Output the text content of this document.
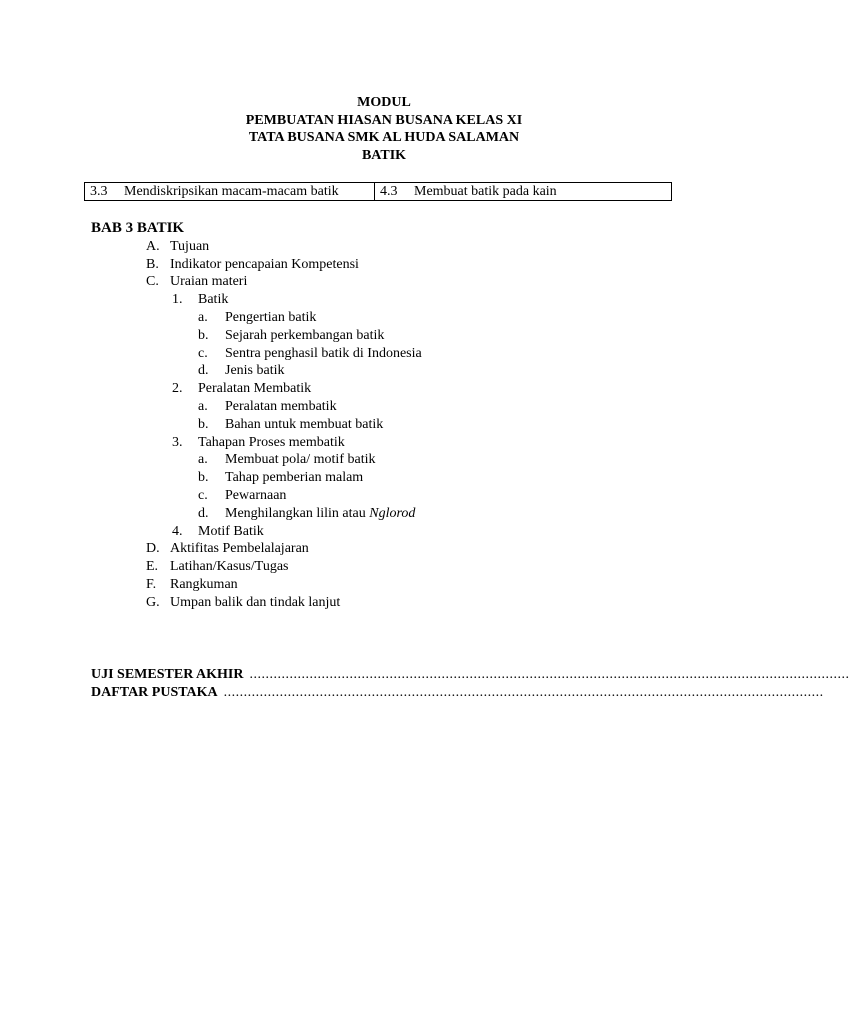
MODUL
PEMBUATAN HIASAN BUSANA KELAS XI
TATA BUSANA SMK AL HUDA SALAMAN
BATIK
3.3 Mendiskripsikan macam-macam batik	4.3 Membuat batik pada kain
BAB 3 BATIK
A. Tujuan
B. Indikator pencapaian Kompetensi
C. Uraian materi
1. Batik
a. Pengertian batik
b. Sejarah perkembangan batik
c. Sentra penghasil batik di Indonesia
d. Jenis batik
2. Peralatan Membatik
a. Peralatan membatik
b. Bahan untuk membuat batik
3. Tahapan Proses membatik
a. Membuat pola/ motif batik
b. Tahap pemberian malam
c. Pewarnaan
d. Menghilangkan lilin atau Nglorod
4. Motif Batik
D. Aktifitas Pembelalajaran
E. Latihan/Kasus/Tugas
F. Rangkuman
G. Umpan balik dan tindak lanjut
UJI SEMESTER AKHIR ......................................................................................................................................................
DAFTAR PUSTAKA ......................................................................................................................................................
